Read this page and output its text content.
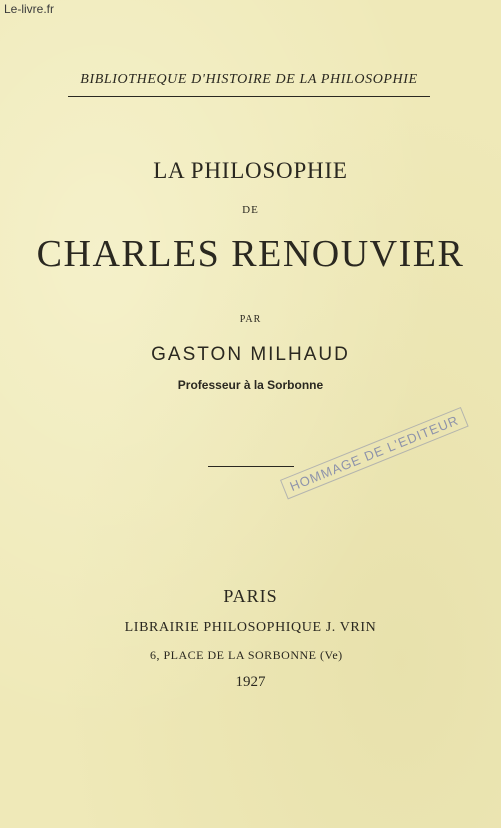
Le-livre.fr
BIBLIOTHEQUE D'HISTOIRE DE LA PHILOSOPHIE
LA PHILOSOPHIE
DE
CHARLES RENOUVIER
PAR
GASTON MILHAUD
Professeur à la Sorbonne
HOMMAGE DE L'EDITEUR
PARIS
LIBRAIRIE PHILOSOPHIQUE J. VRIN
6, PLACE DE LA SORBONNE (Ve)
1927
